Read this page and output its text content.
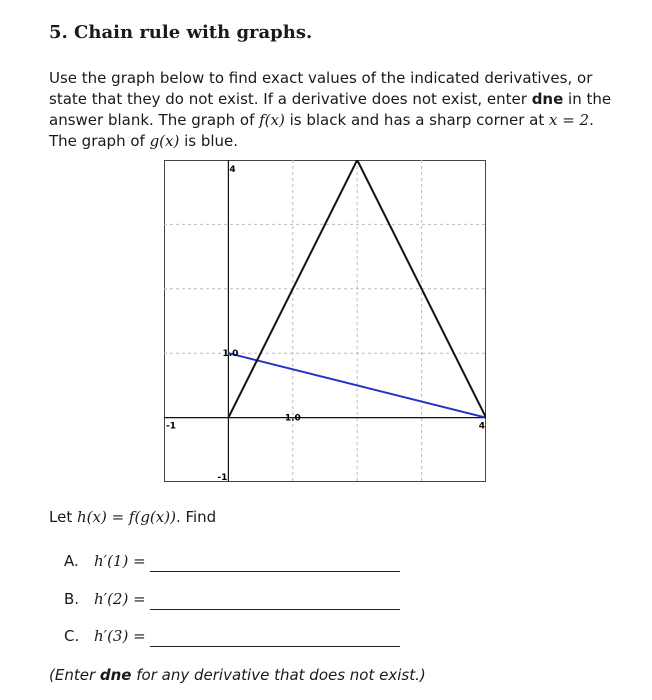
5. Chain rule with graphs.

Use the graph below to find exact values of the indicated derivatives, or state that they do not exist. If a derivative does not exist, enter dne in the answer blank. The graph of f(x) is black and has a sharp corner at x = 2. The graph of g(x) is blue.

4
1.0
1.0
-1
-1
4
Let h(x) = f(g(x)). Find
A.	h′(1) =
B. h′(2) =
C. h′(3) =
(Enter dne for any derivative that does not exist.)
